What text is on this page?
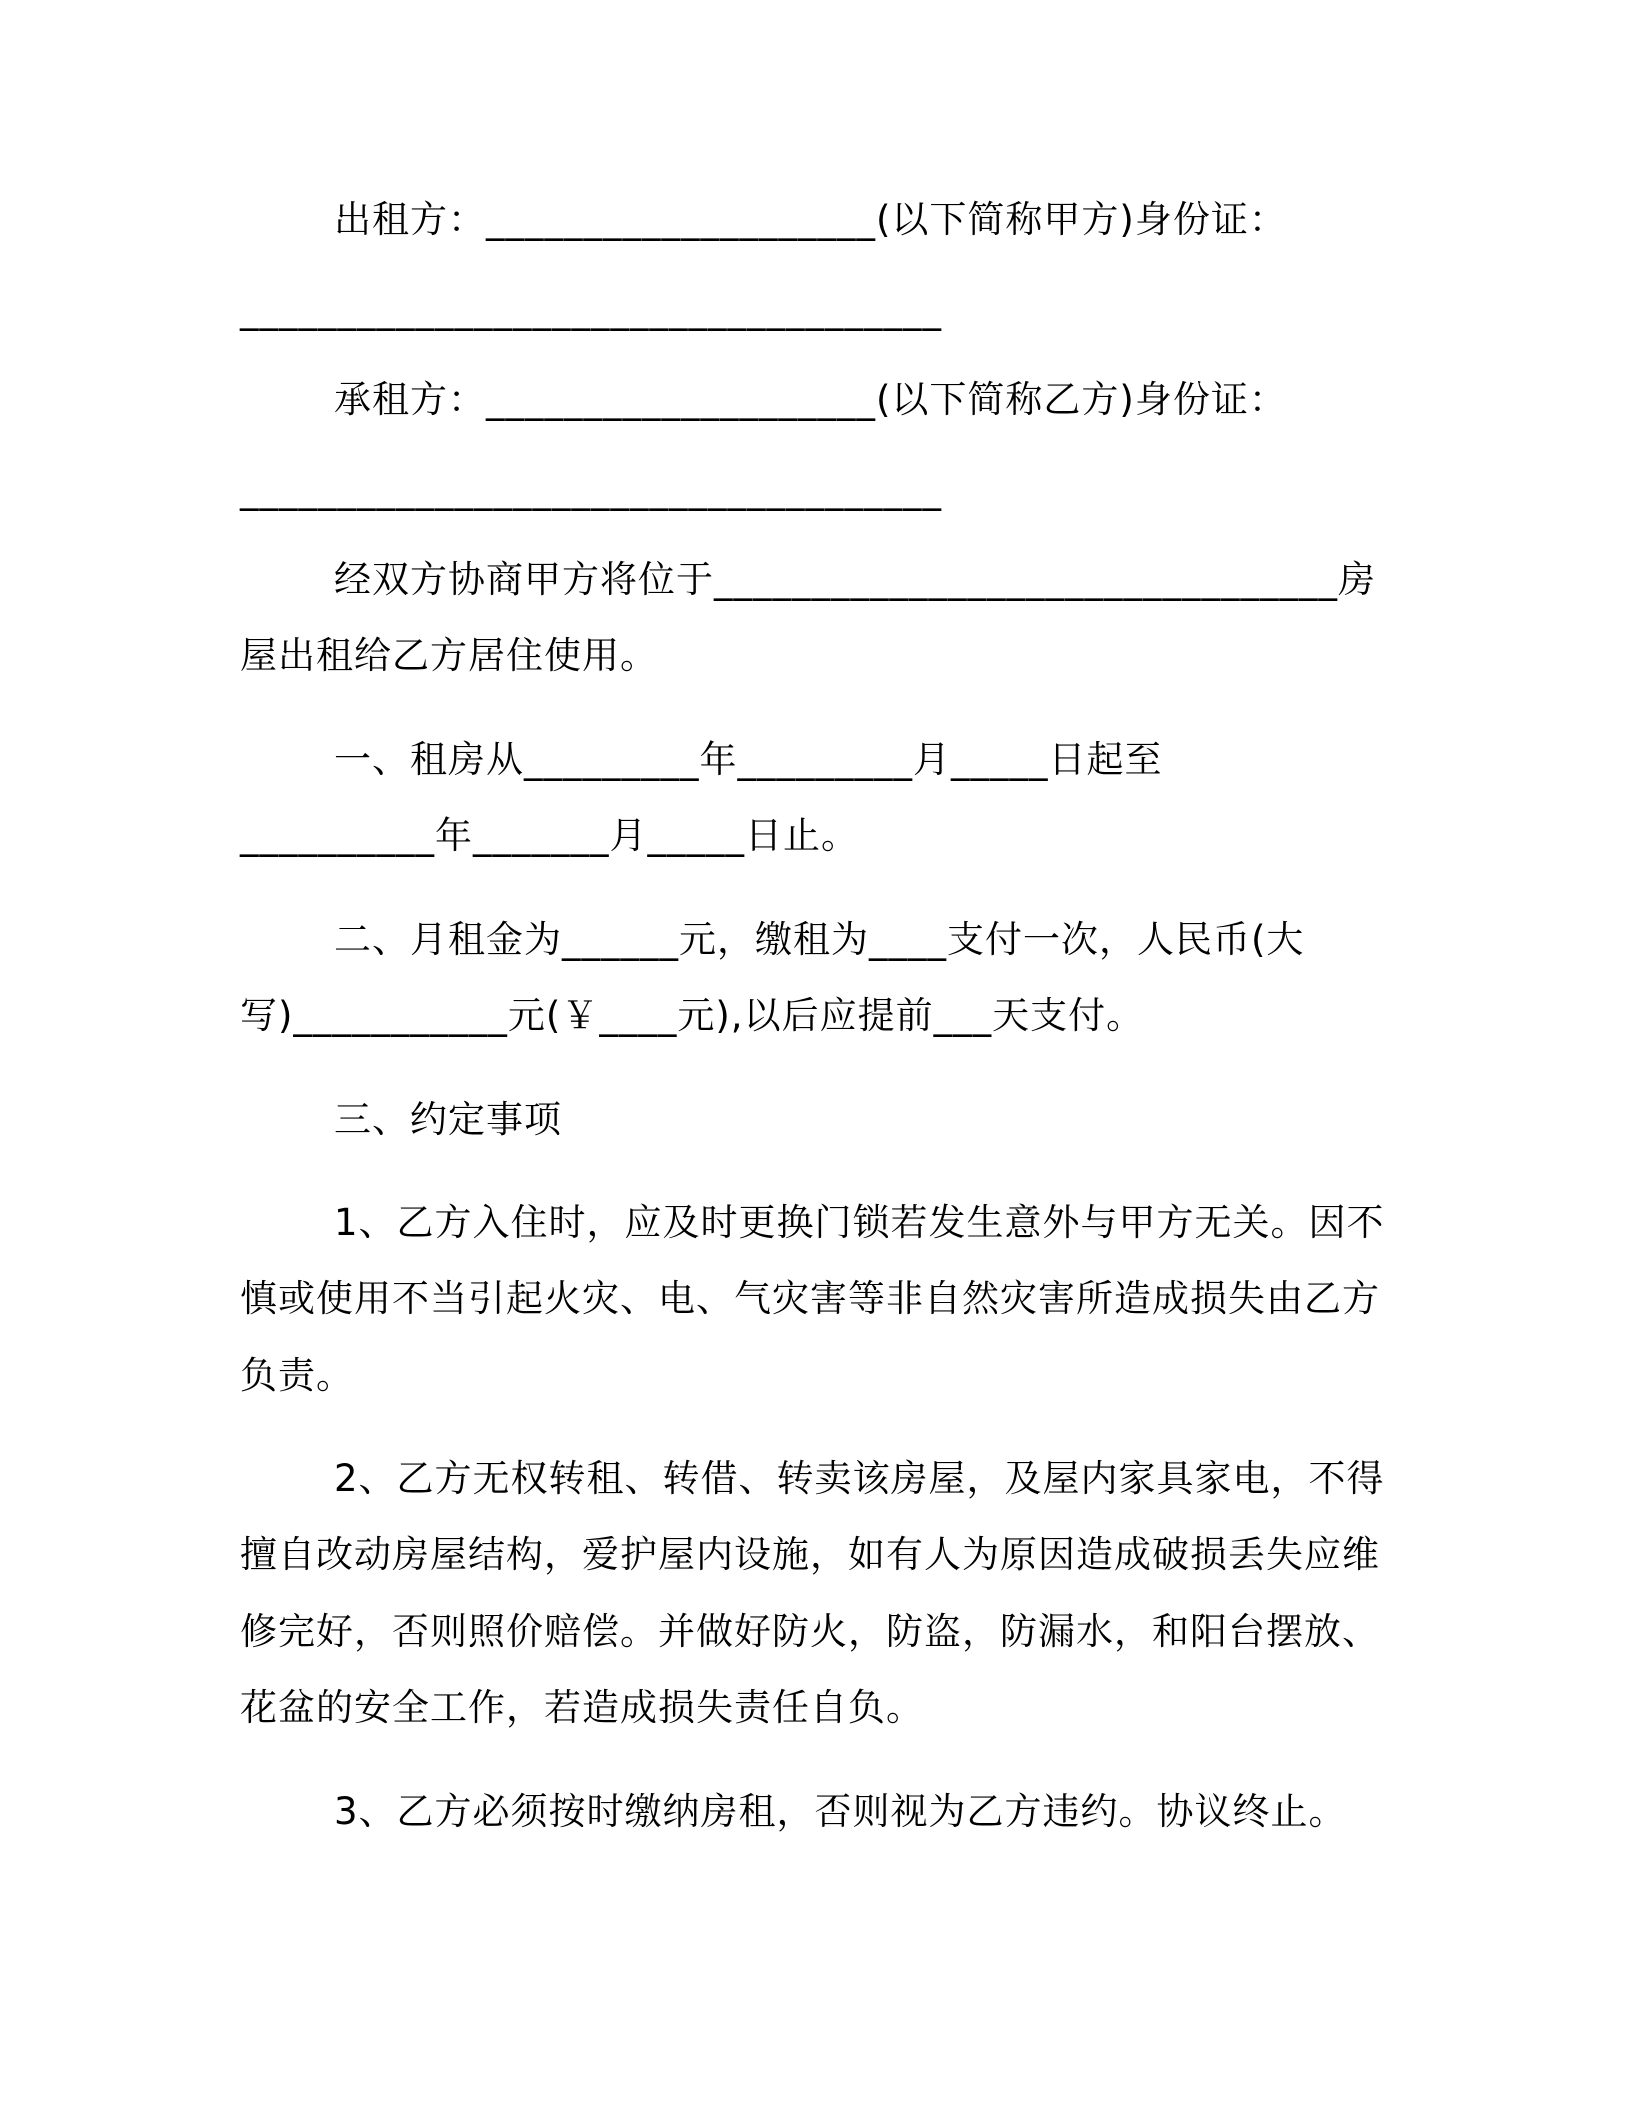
出租方：____________________(以下简称甲方)身份证：
____________________________________
承租方：____________________(以下简称乙方)身份证：
____________________________________
经双方协商甲方将位于________________________________房
屋出租给乙方居住使用。
一、租房从_________年_________月_____日起至
__________年_______月_____日止。
二、月租金为______元，缴租为____支付一次，人民币(大
写)___________元(￥____元),以后应提前___天支付。
三、约定事项
1、乙方入住时，应及时更换门锁若发生意外与甲方无关。因不
慎或使用不当引起火灾、电、气灾害等非自然灾害所造成损失由乙方
负责。
2、乙方无权转租、转借、转卖该房屋，及屋内家具家电，不得
擅自改动房屋结构，爱护屋内设施，如有人为原因造成破损丢失应维
修完好，否则照价赔偿。并做好防火，防盗，防漏水，和阳台摆放、
花盆的安全工作，若造成损失责任自负。
3、乙方必须按时缴纳房租，否则视为乙方违约。协议终止。
